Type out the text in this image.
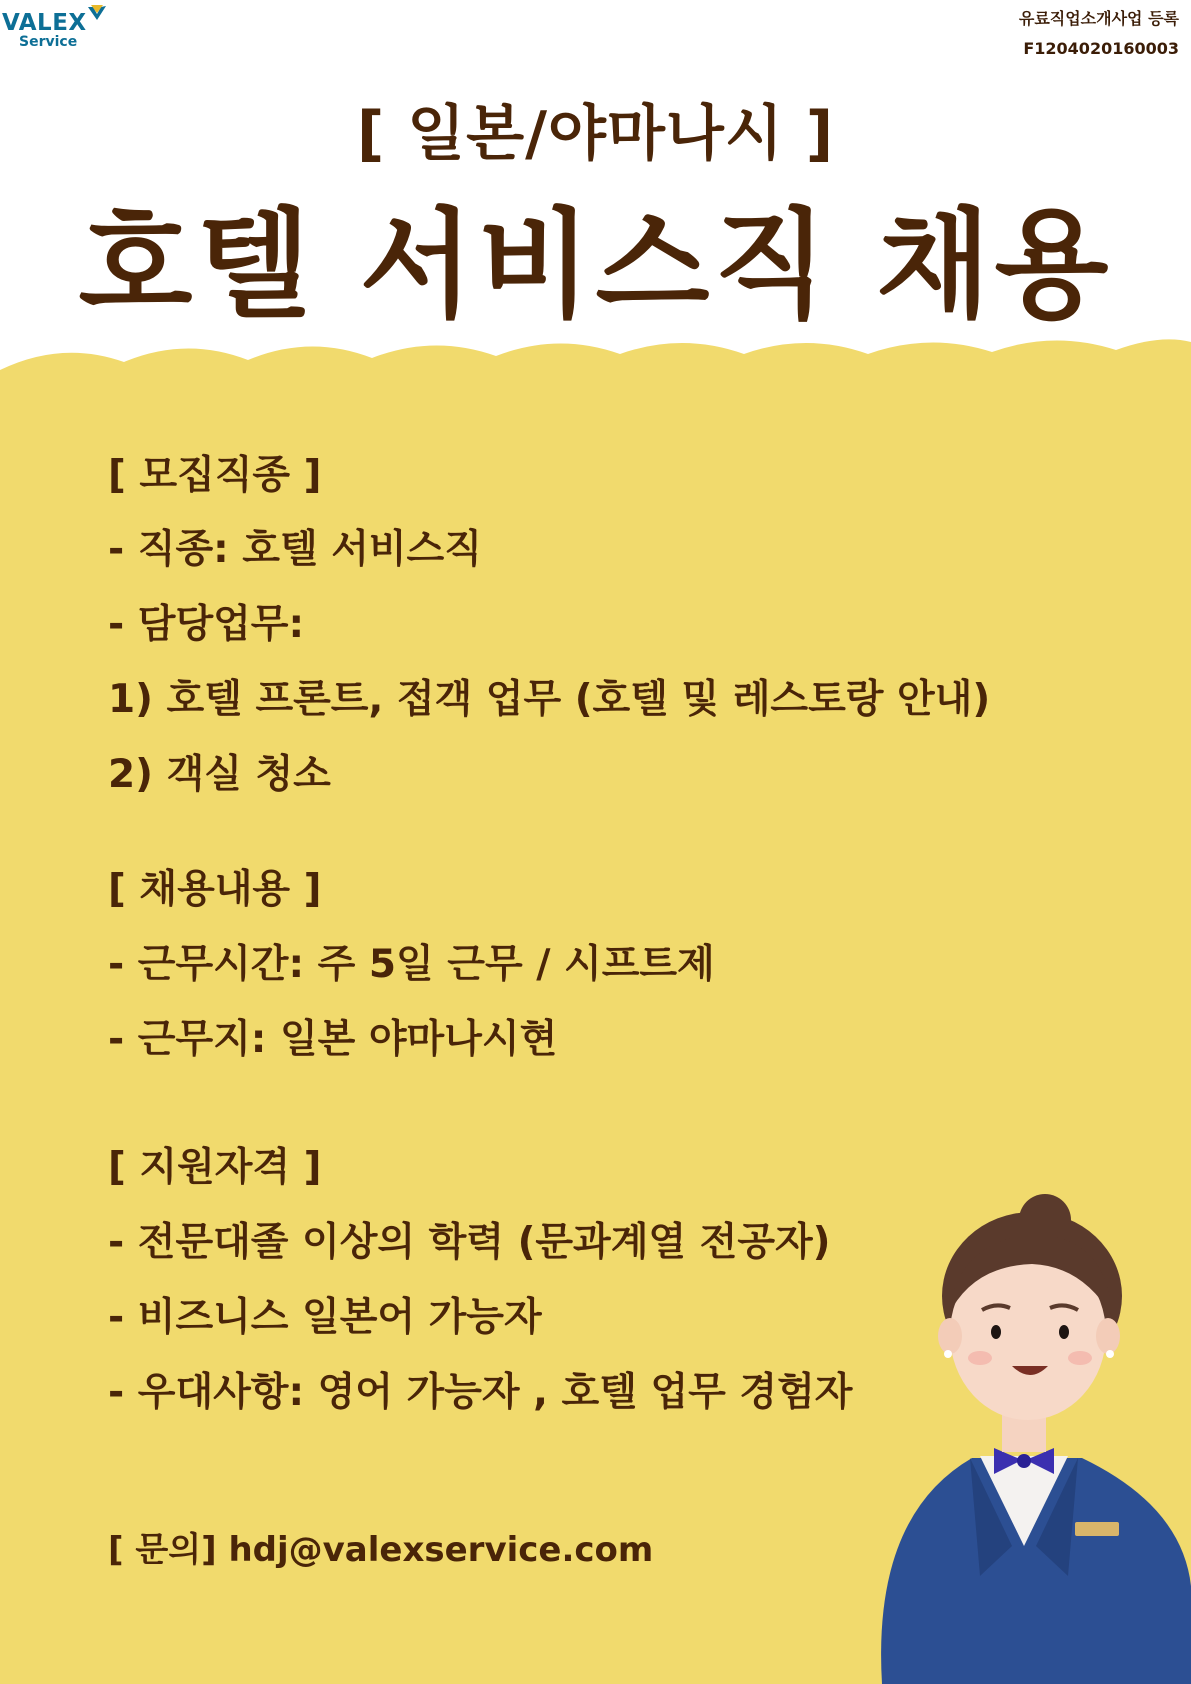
VALEX
Service
유료직업소개사업 등록
F1204020160003
[ 일본/야마나시 ]
호텔 서비스직 채용
[ 모집직종 ]
- 직종: 호텔 서비스직
- 담당업무:
1) 호텔 프론트, 접객 업무 (호텔 및 레스토랑 안내)
2) 객실 청소
[ 채용내용 ]
- 근무시간: 주 5일 근무 / 시프트제
- 근무지: 일본 야마나시현
[ 지원자격 ]
- 전문대졸 이상의 학력 (문과계열 전공자)
- 비즈니스 일본어 가능자
- 우대사항: 영어 가능자 , 호텔 업무 경험자
[ 문의] hdj@valexservice.com
